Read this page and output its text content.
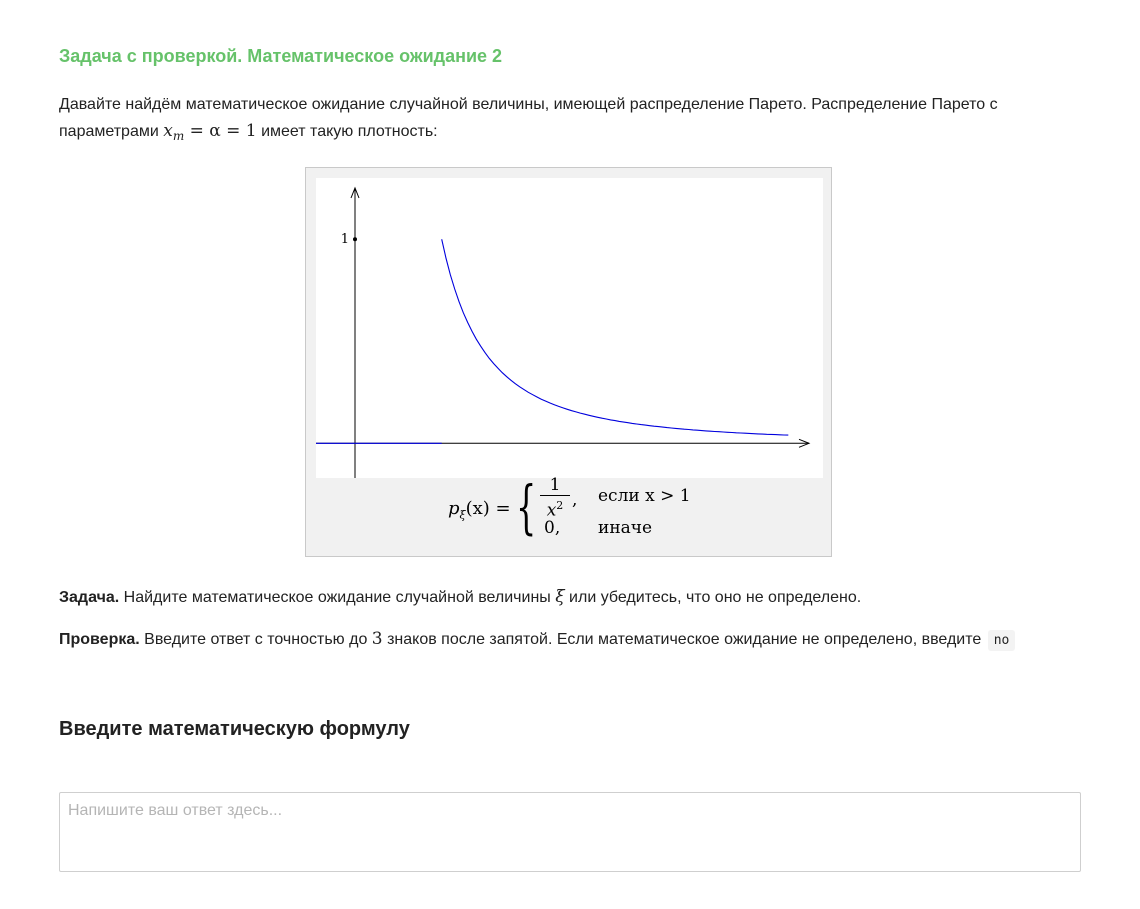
Задача с проверкой. Математическое ожидание 2

Давайте найдём математическое ожидание случайной величины, имеющей распределение Парето. Распределение Парето с параметрами $x_m = \alpha = 1$ имеет такую плотность:

1
$p_\xi(x)$ = { 1
$x^2$ , если x > 1
0, иначе

Задача. Найдите математическое ожидание случайной величины ξ или убедитесь, что оно не определено.

Проверка. Введите ответ с точностью до 3 знаков после запятой. Если математическое ожидание не определено, введите no

Введите математическую формулу
Напишите ваш ответ здесь...
